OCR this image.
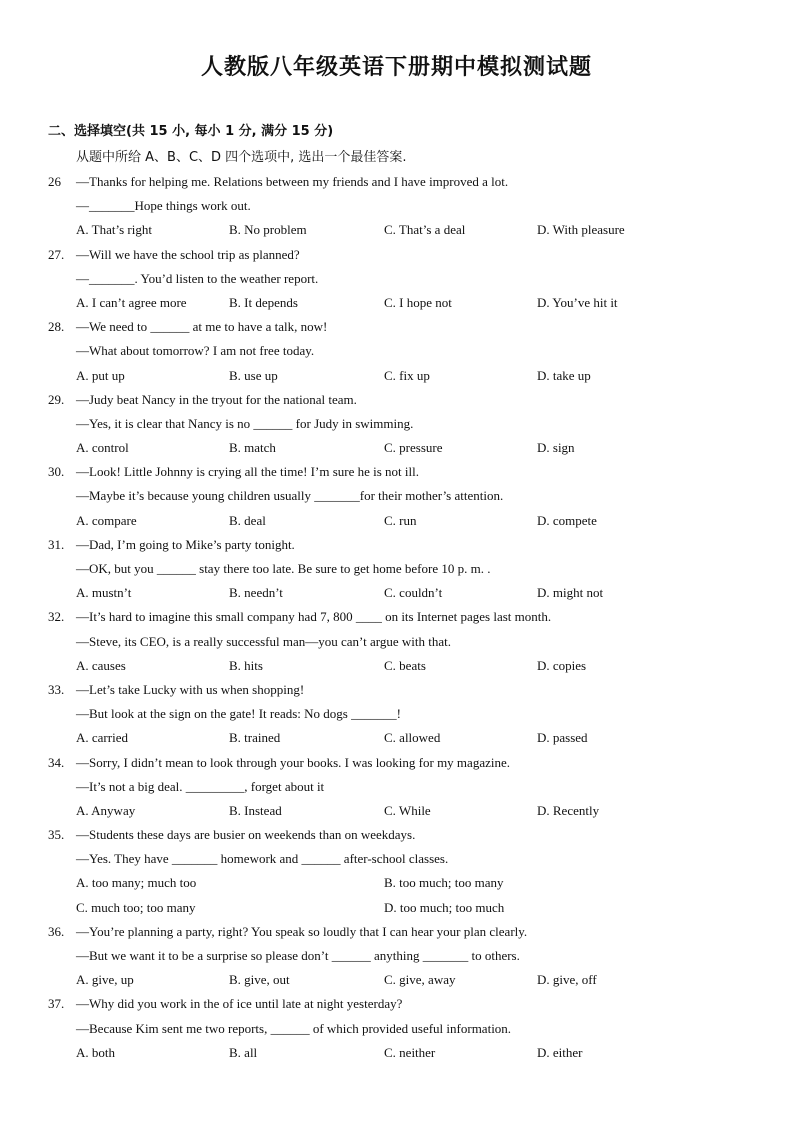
人教版八年级英语下册期中模拟测试题
二、选择填空(共 15 小, 每小 1 分, 满分 15 分)
从题中所给 A、B、C、D 四个选项中, 选出一个最佳答案.
26 —Thanks for helping me. Relations between my friends and I have improved a lot.
—_______Hope things work out.
A. That’s right	B. No problem	C. That’s a deal	D. With pleasure
27. —Will we have the school trip as planned?
—_______. You’d listen to the weather report.
A. I can’t agree more	B. It depends	C. I hope not	D. You’ve hit it
28. —We need to ______ at me to have a talk, now!
—What about tomorrow? I am not free today.
A. put up	B. use up	C. fix up	D. take up
29. —Judy beat Nancy in the tryout for the national team.
—Yes, it is clear that Nancy is no ______ for Judy in swimming.
A. control	B. match	C. pressure	D. sign
30. —Look! Little Johnny is crying all the time! I’m sure he is not ill.
—Maybe it’s because young children usually _______for their mother’s attention.
A. compare	B. deal	C. run	D. compete
31. —Dad, I’m going to Mike’s party tonight.
—OK, but you ______ stay there too late. Be sure to get home before 10 p. m. .
A. mustn’t	B. needn’t	C. couldn’t	D. might not
32. —It’s hard to imagine this small company had 7, 800 ____ on its Internet pages last month.
—Steve, its CEO, is a really successful man—you can’t argue with that.
A. causes	B. hits	C. beats	D. copies
33. —Let’s take Lucky with us when shopping!
—But look at the sign on the gate! It reads: No dogs _______!
A. carried	B. trained	C. allowed	D. passed
34. —Sorry, I didn’t mean to look through your books. I was looking for my magazine.
—It’s not a big deal. _________, forget about it
A. Anyway	B. Instead	C. While	D. Recently
35. —Students these days are busier on weekends than on weekdays.
—Yes. They have _______ homework and ______ after-school classes.
A. too many; much too	B. too much; too many
C. much too; too many	D. too much; too much
36. —You’re planning a party, right? You speak so loudly that I can hear your plan clearly.
—But we want it to be a surprise so please don’t ______ anything _______ to others.
A. give, up	B. give, out	C. give, away	D. give, off
37. —Why did you work in the of ice until late at night yesterday?
—Because Kim sent me two reports, ______ of which provided useful information.
A. both	B. all	C. neither	D. either
